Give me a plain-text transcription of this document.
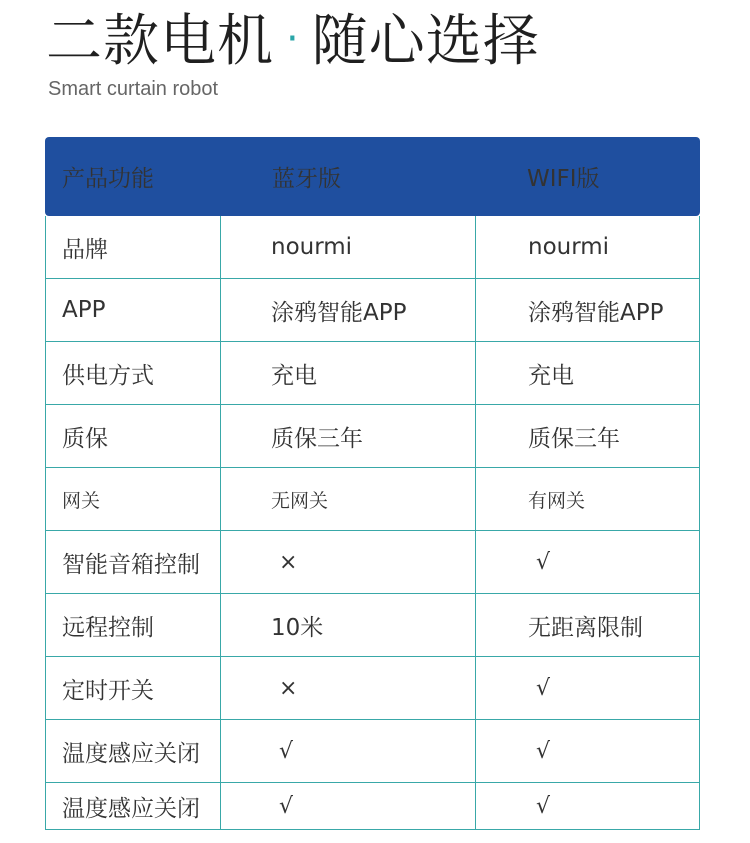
二款电机 · 随心选择
Smart curtain robot
产品功能	蓝牙版	WIFI版
品牌	nourmi	nourmi
APP	涂鸦智能APP	涂鸦智能APP
供电方式	充电	充电
质保	质保三年	质保三年
网关	无网关	有网关
智能音箱控制	×	√
远程控制	10米	无距离限制
定时开关	×	√
温度感应关闭	√	√
温度感应关闭	√	√
